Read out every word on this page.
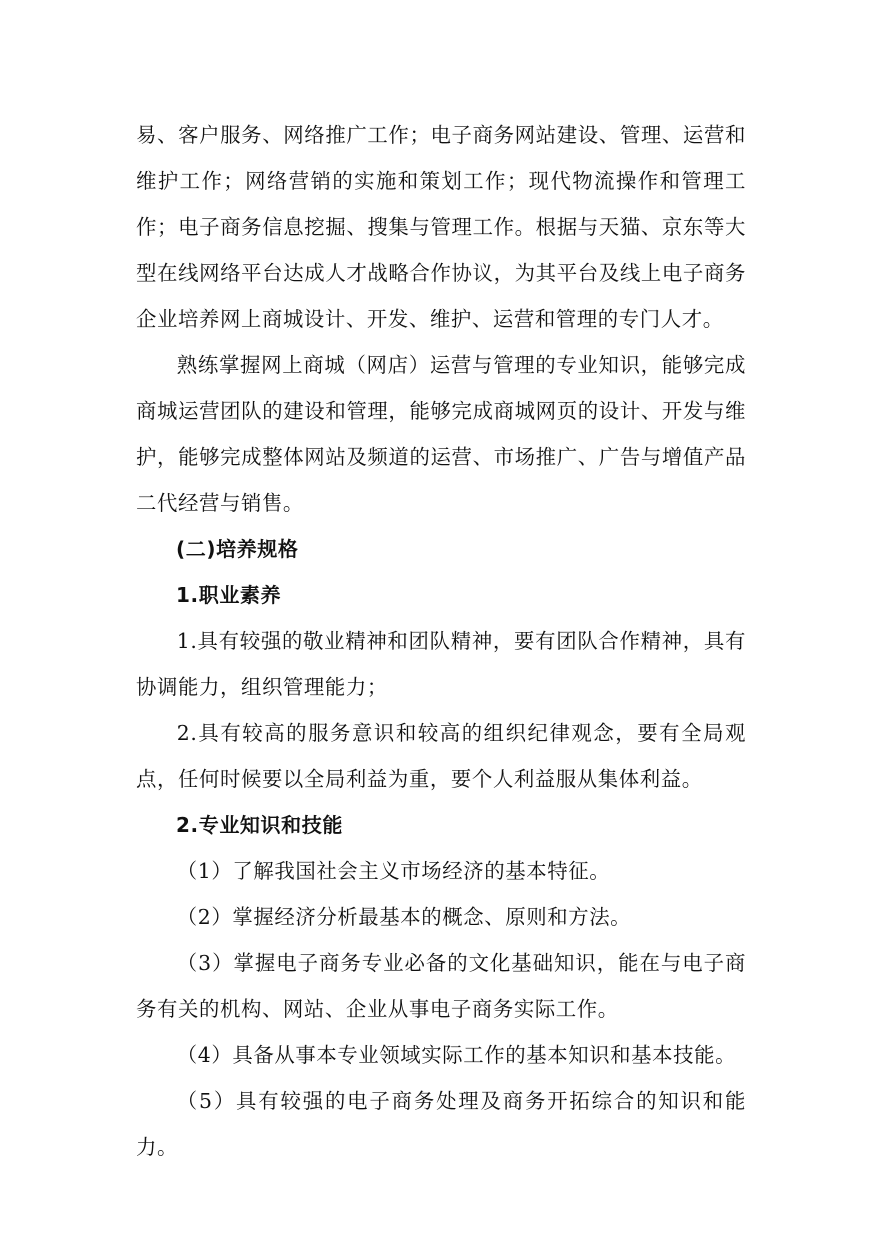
易、客户服务、网络推广工作；电子商务网站建设、管理、运营和维护工作；网络营销的实施和策划工作；现代物流操作和管理工作；电子商务信息挖掘、搜集与管理工作。根据与天猫、京东等大型在线网络平台达成人才战略合作协议，为其平台及线上电子商务企业培养网上商城设计、开发、维护、运营和管理的专门人才。

熟练掌握网上商城（网店）运营与管理的专业知识，能够完成商城运营团队的建设和管理，能够完成商城网页的设计、开发与维护，能够完成整体网站及频道的运营、市场推广、广告与增值产品二代经营与销售。

(二)培养规格

1.职业素养

1.具有较强的敬业精神和团队精神，要有团队合作精神，具有协调能力，组织管理能力；

2.具有较高的服务意识和较高的组织纪律观念，要有全局观点，任何时候要以全局利益为重，要个人利益服从集体利益。

2.专业知识和技能

（1）了解我国社会主义市场经济的基本特征。

（2）掌握经济分析最基本的概念、原则和方法。

（3）掌握电子商务专业必备的文化基础知识，能在与电子商务有关的机构、网站、企业从事电子商务实际工作。

（4）具备从事本专业领域实际工作的基本知识和基本技能。

（5）具有较强的电子商务处理及商务开拓综合的知识和能力。
